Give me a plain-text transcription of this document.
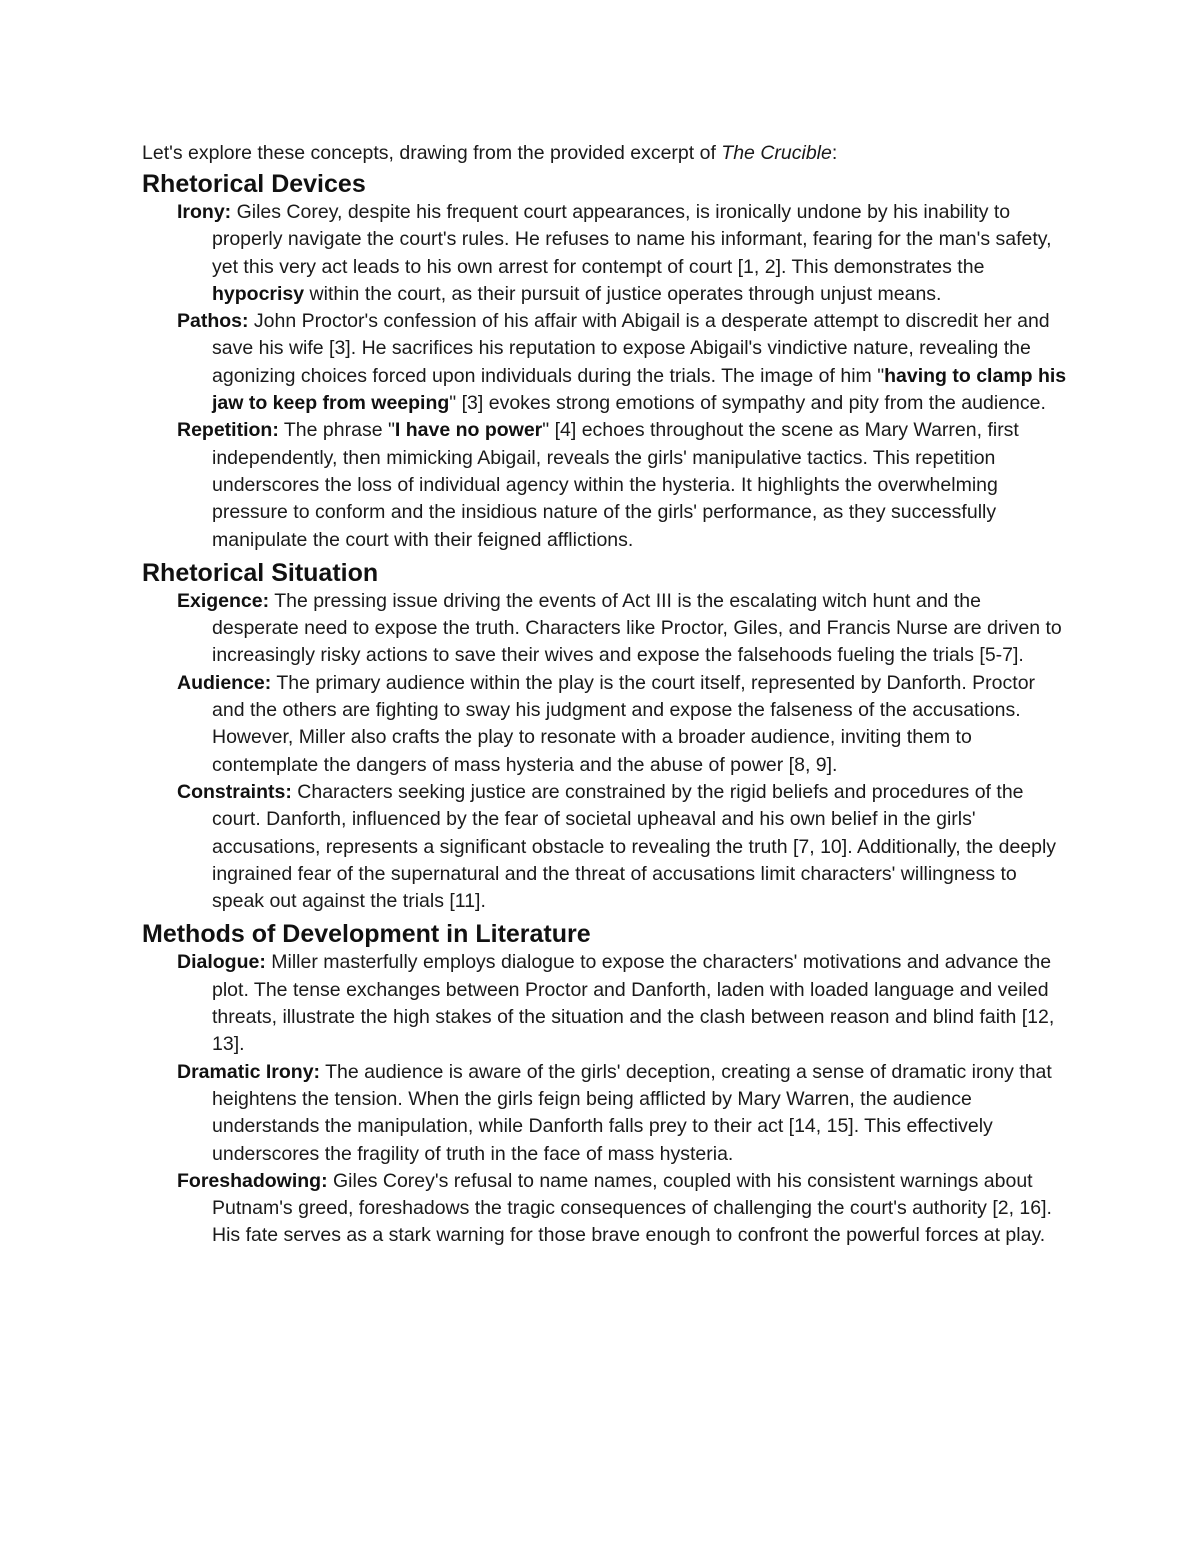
Let's explore these concepts, drawing from the provided excerpt of The Crucible:

Rhetorical Devices

Irony: Giles Corey, despite his frequent court appearances, is ironically undone by his inability to properly navigate the court's rules. He refuses to name his informant, fearing for the man's safety, yet this very act leads to his own arrest for contempt of court [1, 2]. This demonstrates the hypocrisy within the court, as their pursuit of justice operates through unjust means.

Pathos: John Proctor's confession of his affair with Abigail is a desperate attempt to discredit her and save his wife [3]. He sacrifices his reputation to expose Abigail's vindictive nature, revealing the agonizing choices forced upon individuals during the trials. The image of him "having to clamp his jaw to keep from weeping" [3] evokes strong emotions of sympathy and pity from the audience.

Repetition: The phrase "I have no power" [4] echoes throughout the scene as Mary Warren, first independently, then mimicking Abigail, reveals the girls' manipulative tactics. This repetition underscores the loss of individual agency within the hysteria. It highlights the overwhelming pressure to conform and the insidious nature of the girls' performance, as they successfully manipulate the court with their feigned afflictions.

Rhetorical Situation

Exigence: The pressing issue driving the events of Act III is the escalating witch hunt and the desperate need to expose the truth. Characters like Proctor, Giles, and Francis Nurse are driven to increasingly risky actions to save their wives and expose the falsehoods fueling the trials [5-7].

Audience: The primary audience within the play is the court itself, represented by Danforth. Proctor and the others are fighting to sway his judgment and expose the falseness of the accusations. However, Miller also crafts the play to resonate with a broader audience, inviting them to contemplate the dangers of mass hysteria and the abuse of power [8, 9].

Constraints: Characters seeking justice are constrained by the rigid beliefs and procedures of the court. Danforth, influenced by the fear of societal upheaval and his own belief in the girls' accusations, represents a significant obstacle to revealing the truth [7, 10]. Additionally, the deeply ingrained fear of the supernatural and the threat of accusations limit characters' willingness to speak out against the trials [11].

Methods of Development in Literature

Dialogue: Miller masterfully employs dialogue to expose the characters' motivations and advance the plot. The tense exchanges between Proctor and Danforth, laden with loaded language and veiled threats, illustrate the high stakes of the situation and the clash between reason and blind faith [12, 13].

Dramatic Irony: The audience is aware of the girls' deception, creating a sense of dramatic irony that heightens the tension. When the girls feign being afflicted by Mary Warren, the audience understands the manipulation, while Danforth falls prey to their act [14, 15]. This effectively underscores the fragility of truth in the face of mass hysteria.

Foreshadowing: Giles Corey's refusal to name names, coupled with his consistent warnings about Putnam's greed, foreshadows the tragic consequences of challenging the court's authority [2, 16]. His fate serves as a stark warning for those brave enough to confront the powerful forces at play.
